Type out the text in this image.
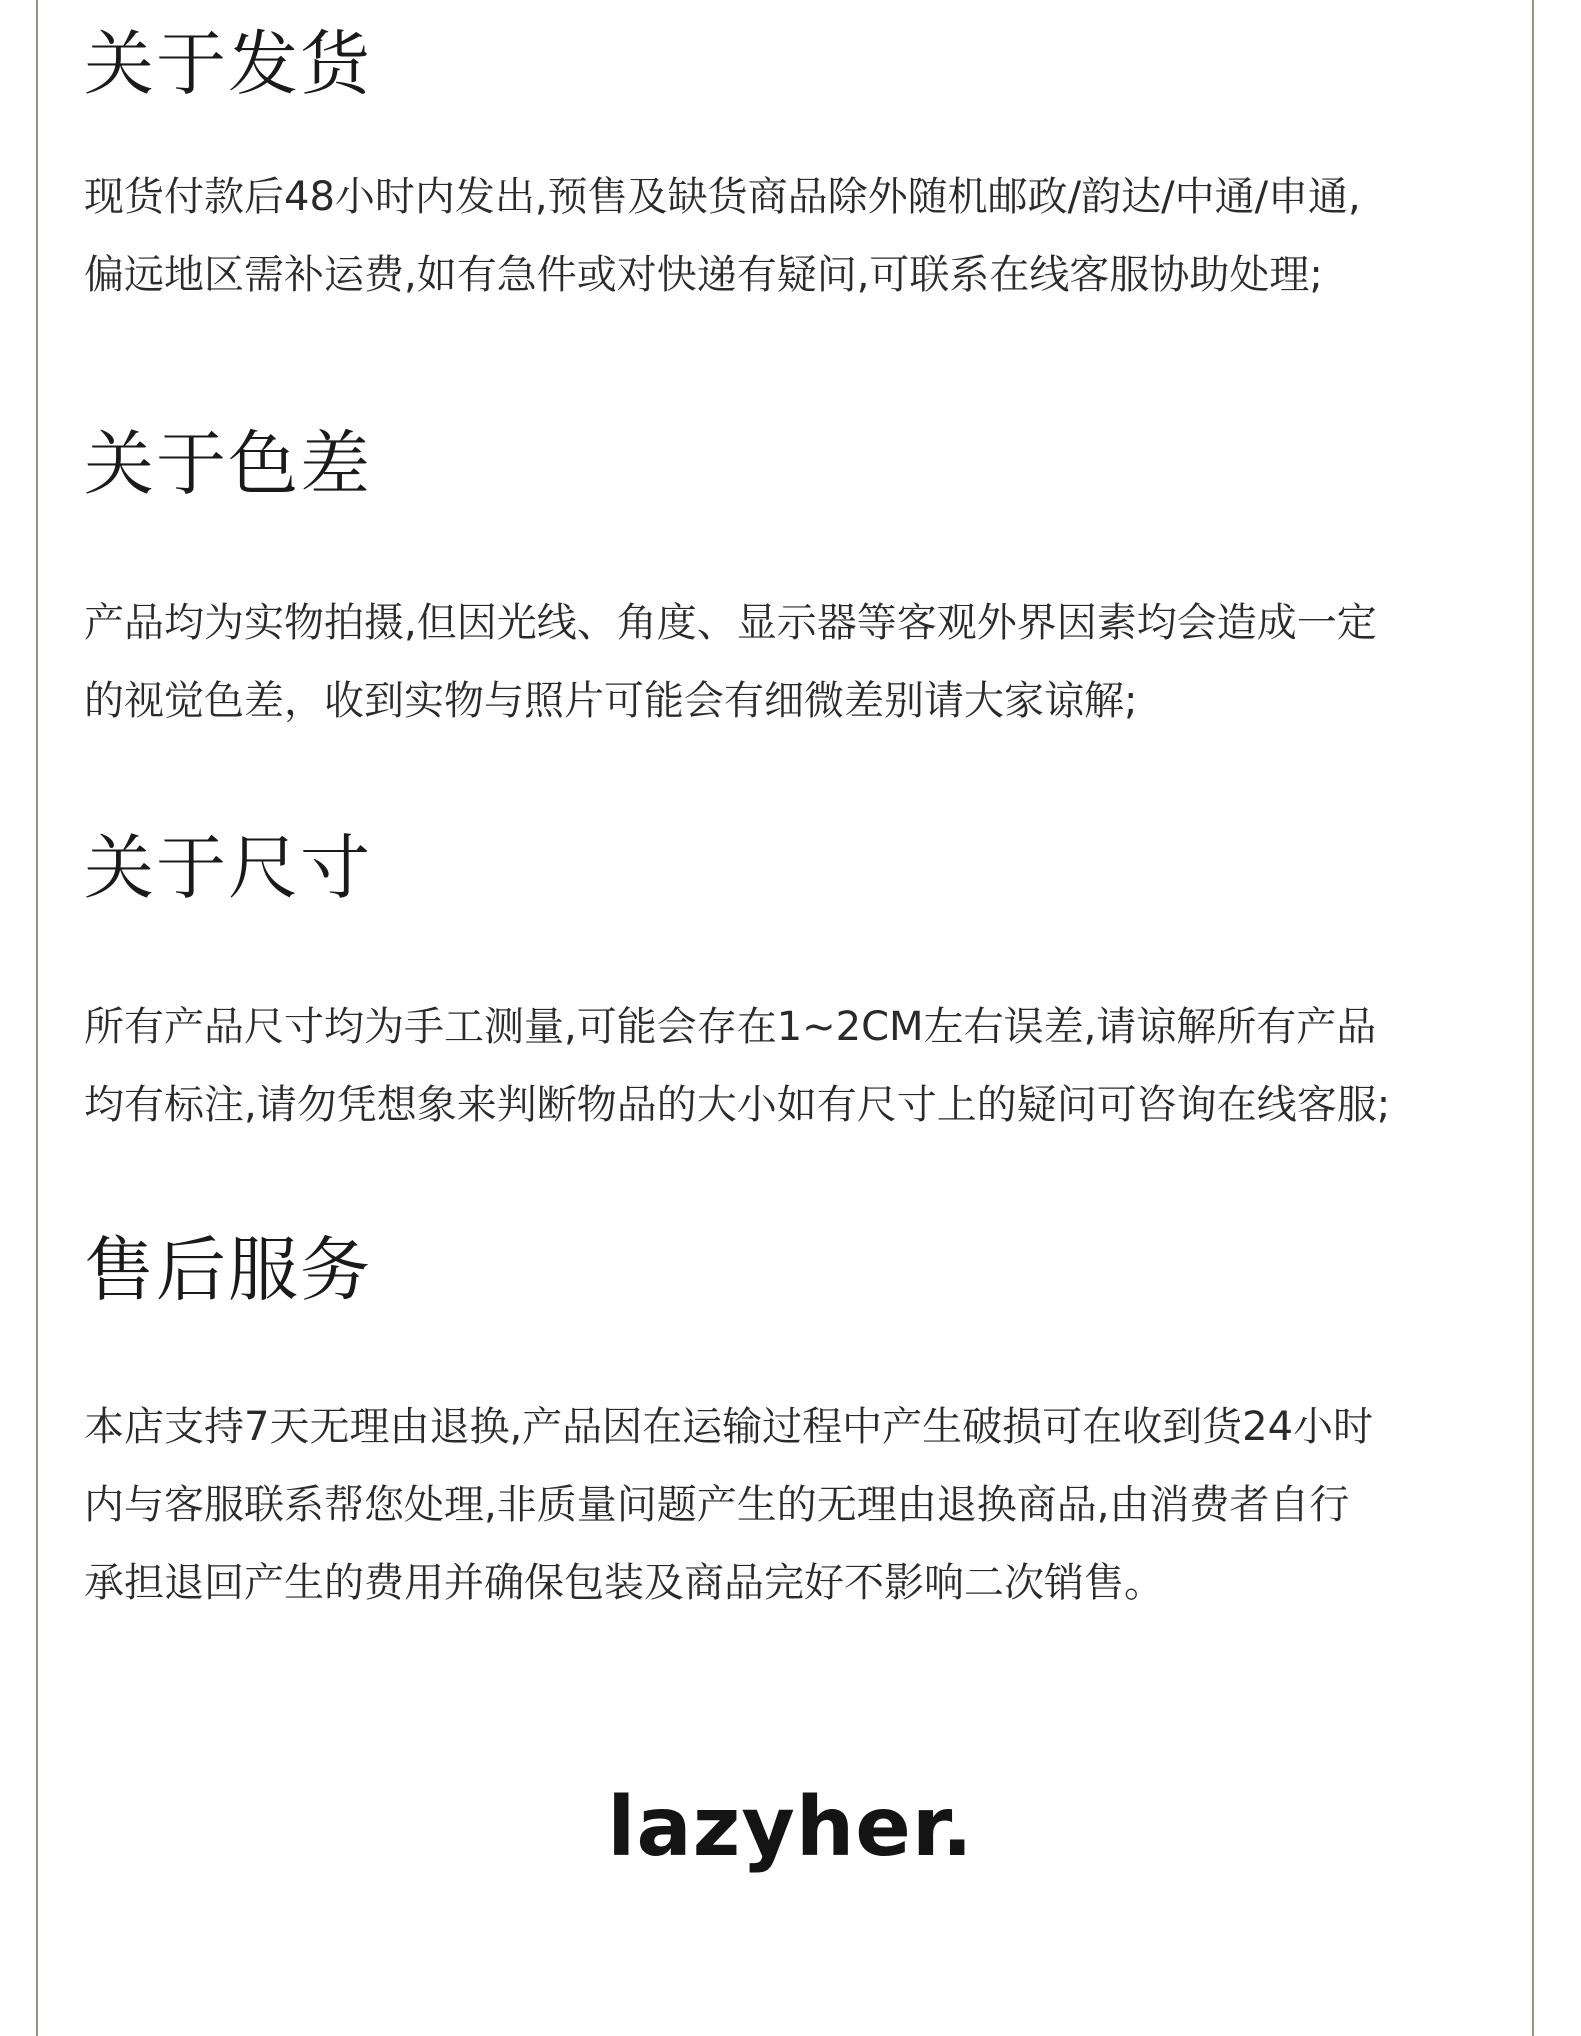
关于发货
现货付款后48小时内发出,预售及缺货商品除外随机邮政/韵达/中通/申通,
偏远地区需补运费,如有急件或对快递有疑问,可联系在线客服协助处理;
关于色差
产品均为实物拍摄,但因光线、角度、显示器等客观外界因素均会造成一定
的视觉色差，收到实物与照片可能会有细微差别请大家谅解;
关于尺寸
所有产品尺寸均为手工测量,可能会存在1~2CM左右误差,请谅解所有产品
均有标注,请勿凭想象来判断物品的大小如有尺寸上的疑问可咨询在线客服;
售后服务
本店支持7天无理由退换,产品因在运输过程中产生破损可在收到货24小时
内与客服联系帮您处理,非质量问题产生的无理由退换商品,由消费者自行
承担退回产生的费用并确保包装及商品完好不影响二次销售。
lazyher.
